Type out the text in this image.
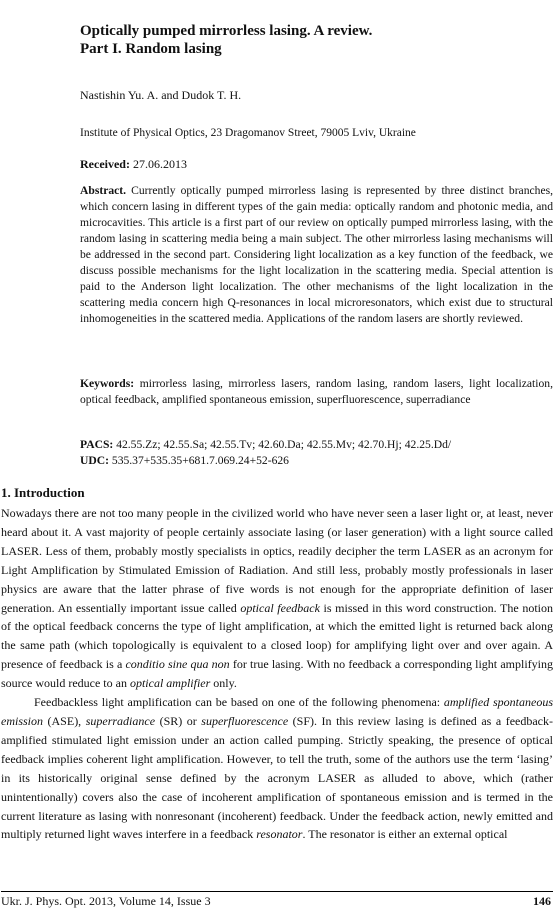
Optically pumped mirrorless lasing. A review.
Part I. Random lasing
Nastishin Yu. A. and Dudok T. H.
Institute of Physical Optics, 23 Dragomanov Street, 79005 Lviv, Ukraine
Received: 27.06.2013
Abstract. Currently optically pumped mirrorless lasing is represented by three distinct branches, which concern lasing in different types of the gain media: optically random and photonic media, and microcavities. This article is a first part of our review on optically pumped mirrorless lasing, with the random lasing in scattering media being a main subject. The other mirrorless lasing mechanisms will be addressed in the second part. Considering light localization as a key function of the feedback, we discuss possible mechanisms for the light localization in the scattering media. Special attention is paid to the Anderson light localization. The other mechanisms of the light localization in the scattering media concern high Q-resonances in local microresonators, which exist due to structural inhomogeneities in the scattered media. Applications of the random lasers are shortly reviewed.
Keywords: mirrorless lasing, mirrorless lasers, random lasing, random lasers, light localization, optical feedback, amplified spontaneous emission, superfluorescence, superradiance
PACS: 42.55.Zz; 42.55.Sa; 42.55.Tv; 42.60.Da; 42.55.Mv; 42.70.Hj; 42.25.Dd/
UDC: 535.37+535.35+681.7.069.24+52-626
1. Introduction

Nowadays there are not too many people in the civilized world who have never seen a laser light or, at least, never heard about it. A vast majority of people certainly associate lasing (or laser generation) with a light source called LASER. Less of them, probably mostly specialists in optics, readily decipher the term LASER as an acronym for Light Amplification by Stimulated Emission of Radiation. And still less, probably mostly professionals in laser physics are aware that the latter phrase of five words is not enough for the appropriate definition of laser generation. An essentially important issue called optical feedback is missed in this word construction. The notion of the optical feedback concerns the type of light amplification, at which the emitted light is returned back along the same path (which topologically is equivalent to a closed loop) for amplifying light over and over again. A presence of feedback is a conditio sine qua non for true lasing. With no feedback a corresponding light amplifying source would reduce to an optical amplifier only.

Feedbackless light amplification can be based on one of the following phenomena: amplified spontaneous emission (ASE), superradiance (SR) or superfluorescence (SF). In this review lasing is defined as a feedback-amplified stimulated light emission under an action called pumping. Strictly speaking, the presence of optical feedback implies coherent light amplification. However, to tell the truth, some of the authors use the term ‘lasing’ in its historically original sense defined by the acronym LASER as alluded to above, which (rather unintentionally) covers also the case of incoherent amplification of spontaneous emission and is termed in the current literature as lasing with nonresonant (incoherent) feedback. Under the feedback action, newly emitted and multiply returned light waves interfere in a feedback resonator. The resonator is either an external optical

Ukr. J. Phys. Opt. 2013, Volume 14, Issue 3	146
